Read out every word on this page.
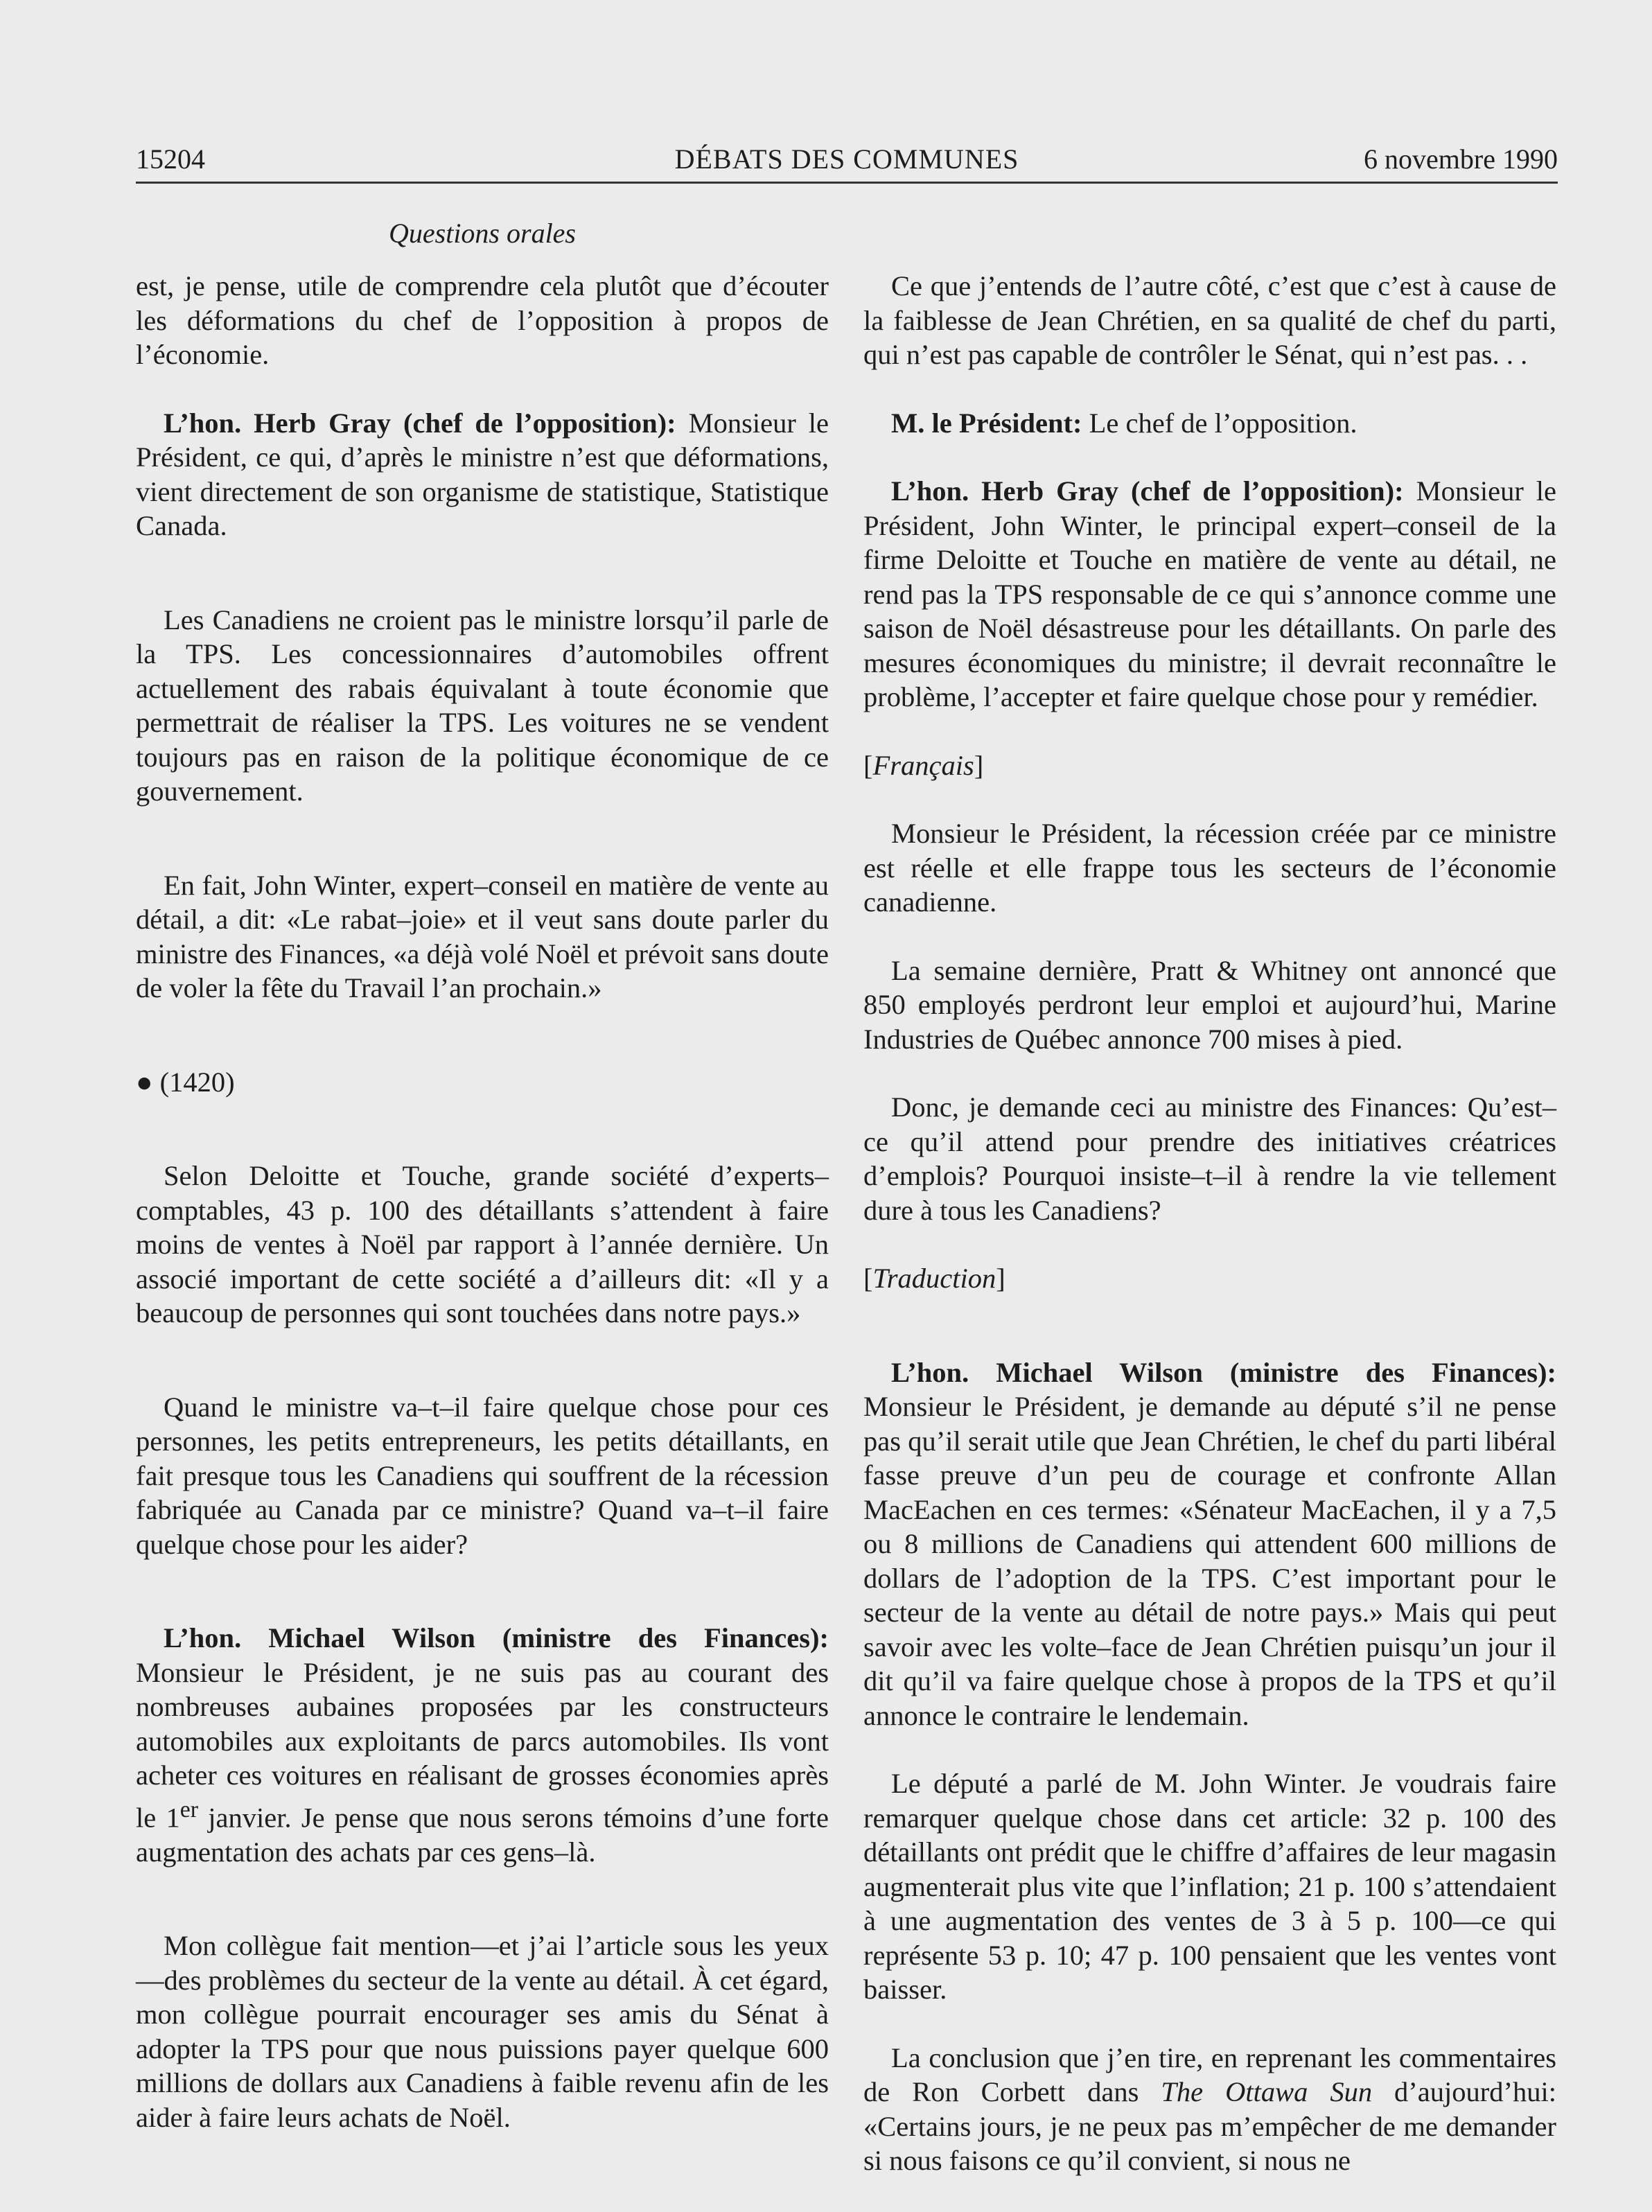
15204	DÉBATS DES COMMUNES	6 novembre 1990
Questions orales

est, je pense, utile de comprendre cela plutôt que d’écouter les déformations du chef de l’opposition à propos de l’économie.

L’hon. Herb Gray (chef de l’opposition): Monsieur le Président, ce qui, d’après le ministre n’est que déformations, vient directement de son organisme de statistique, Statistique Canada.

Les Canadiens ne croient pas le ministre lorsqu’il parle de la TPS. Les concessionnaires d’automobiles offrent actuellement des rabais équivalant à toute économie que permettrait de réaliser la TPS. Les voitures ne se vendent toujours pas en raison de la politique économique de ce gouvernement.

En fait, John Winter, expert–conseil en matière de vente au détail, a dit: «Le rabat–joie» et il veut sans doute parler du ministre des Finances, «a déjà volé Noël et prévoit sans doute de voler la fête du Travail l’an prochain.»

● (1420)

Selon Deloitte et Touche, grande société d’experts–comptables, 43 p. 100 des détaillants s’attendent à faire moins de ventes à Noël par rapport à l’année dernière. Un associé important de cette société a d’ailleurs dit: «Il y a beaucoup de personnes qui sont touchées dans notre pays.»

Quand le ministre va–t–il faire quelque chose pour ces personnes, les petits entrepreneurs, les petits détaillants, en fait presque tous les Canadiens qui souffrent de la récession fabriquée au Canada par ce ministre? Quand va–t–il faire quelque chose pour les aider?

L’hon. Michael Wilson (ministre des Finances): Monsieur le Président, je ne suis pas au courant des nombreuses aubaines proposées par les constructeurs automobiles aux exploitants de parcs automobiles. Ils vont acheter ces voitures en réalisant de grosses économies après le 1er janvier. Je pense que nous serons témoins d’une forte augmentation des achats par ces gens–là.

Mon collègue fait mention—et j’ai l’article sous les yeux—des problèmes du secteur de la vente au détail. À cet égard, mon collègue pourrait encourager ses amis du Sénat à adopter la TPS pour que nous puissions payer quelque 600 millions de dollars aux Canadiens à faible revenu afin de les aider à faire leurs achats de Noël.

Ce que j’entends de l’autre côté, c’est que c’est à cause de la faiblesse de Jean Chrétien, en sa qualité de chef du parti, qui n’est pas capable de contrôler le Sénat, qui n’est pas. . .

M. le Président: Le chef de l’opposition.

L’hon. Herb Gray (chef de l’opposition): Monsieur le Président, John Winter, le principal expert–conseil de la firme Deloitte et Touche en matière de vente au détail, ne rend pas la TPS responsable de ce qui s’annonce comme une saison de Noël désastreuse pour les détaillants. On parle des mesures économiques du ministre; il devrait reconnaître le problème, l’accepter et faire quelque chose pour y remédier.

[Français]

Monsieur le Président, la récession créée par ce ministre est réelle et elle frappe tous les secteurs de l’économie canadienne.

La semaine dernière, Pratt & Whitney ont annoncé que 850 employés perdront leur emploi et aujourd’hui, Marine Industries de Québec annonce 700 mises à pied.

Donc, je demande ceci au ministre des Finances: Qu’est–ce qu’il attend pour prendre des initiatives créatrices d’emplois? Pourquoi insiste–t–il à rendre la vie tellement dure à tous les Canadiens?

[Traduction]

L’hon. Michael Wilson (ministre des Finances): Monsieur le Président, je demande au député s’il ne pense pas qu’il serait utile que Jean Chrétien, le chef du parti libéral fasse preuve d’un peu de courage et confronte Allan MacEachen en ces termes: «Sénateur MacEachen, il y a 7,5 ou 8 millions de Canadiens qui attendent 600 millions de dollars de l’adoption de la TPS. C’est important pour le secteur de la vente au détail de notre pays.» Mais qui peut savoir avec les volte–face de Jean Chrétien puisqu’un jour il dit qu’il va faire quelque chose à propos de la TPS et qu’il annonce le contraire le lendemain.

Le député a parlé de M. John Winter. Je voudrais faire remarquer quelque chose dans cet article: 32 p. 100 des détaillants ont prédit que le chiffre d’affaires de leur magasin augmenterait plus vite que l’inflation; 21 p. 100 s’attendaient à une augmentation des ventes de 3 à 5 p. 100—ce qui représente 53 p. 10; 47 p. 100 pensaient que les ventes vont baisser.

La conclusion que j’en tire, en reprenant les commentaires de Ron Corbett dans The Ottawa Sun d’aujourd’hui: «Certains jours, je ne peux pas m’empêcher de me demander si nous faisons ce qu’il convient, si nous ne
